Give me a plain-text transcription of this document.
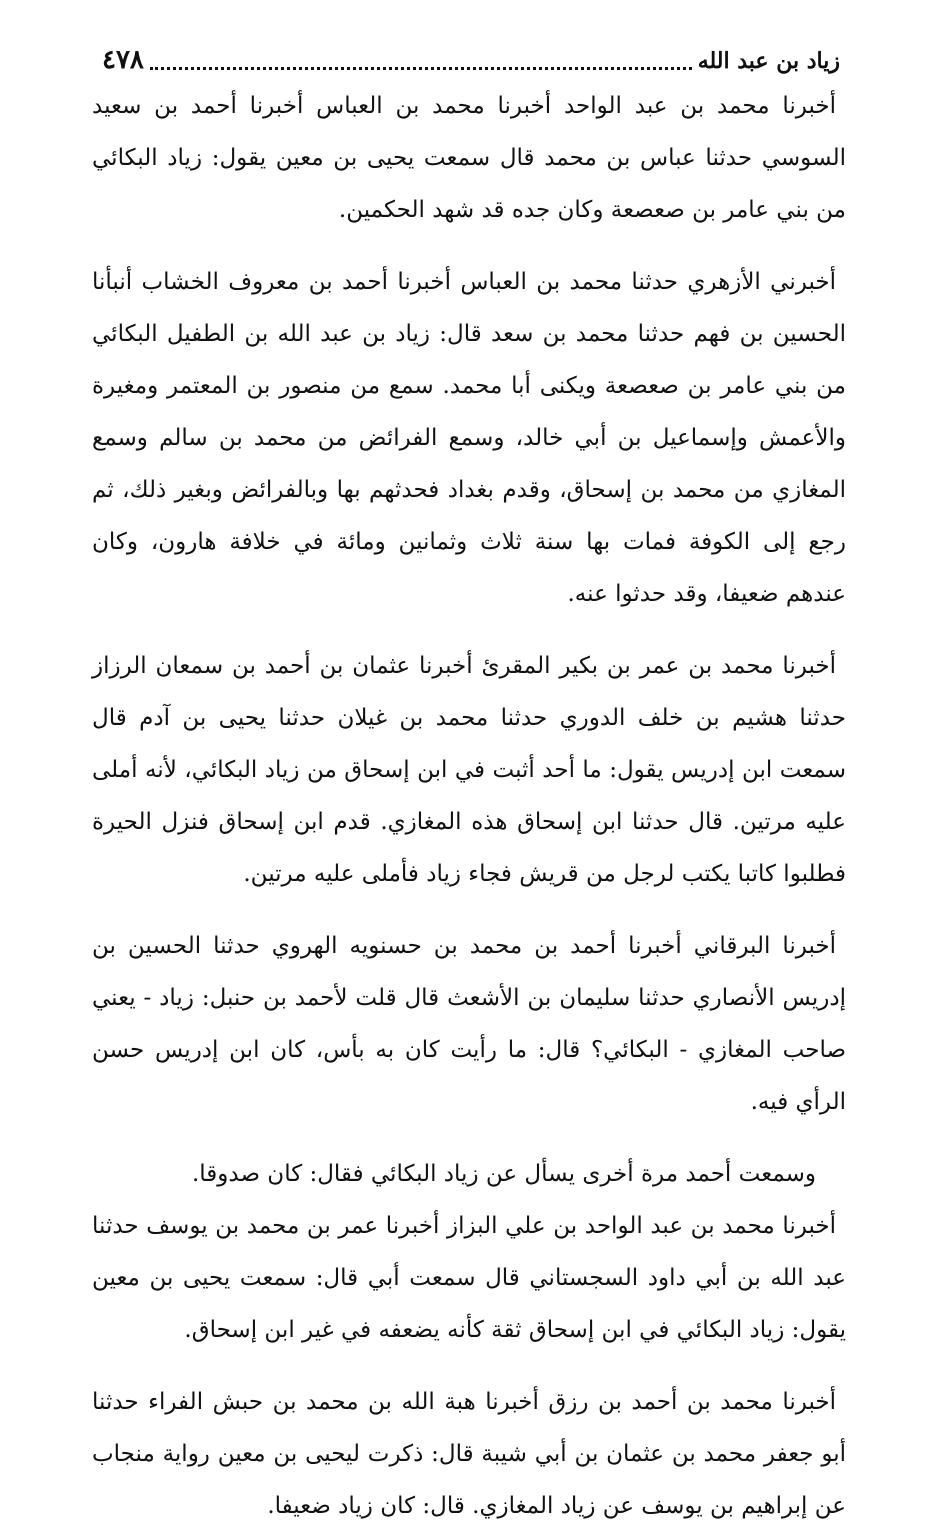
زياد بن عبد الله
٤٧٨

أخبرنا محمد بن عبد الواحد أخبرنا محمد بن العباس أخبرنا أحمد بن سعيد السوسي حدثنا عباس بن محمد قال سمعت يحيى بن معين يقول: زياد البكائي من بني عامر بن صعصعة وكان جده قد شهد الحكمين.

أخبرني الأزهري حدثنا محمد بن العباس أخبرنا أحمد بن معروف الخشاب أنبأنا الحسين بن فهم حدثنا محمد بن سعد قال: زياد بن عبد الله بن الطفيل البكائي من بني عامر بن صعصعة ويكنى أبا محمد. سمع من منصور بن المعتمر ومغيرة والأعمش وإسماعيل بن أبي خالد، وسمع الفرائض من محمد بن سالم وسمع المغازي من محمد بن إسحاق، وقدم بغداد فحدثهم بها وبالفرائض وبغير ذلك، ثم رجع إلى الكوفة فمات بها سنة ثلاث وثمانين ومائة في خلافة هارون، وكان عندهم ضعيفا، وقد حدثوا عنه.

أخبرنا محمد بن عمر بن بكير المقرئ أخبرنا عثمان بن أحمد بن سمعان الرزاز حدثنا هشيم بن خلف الدوري حدثنا محمد بن غيلان حدثنا يحيى بن آدم قال سمعت ابن إدريس يقول: ما أحد أثبت في ابن إسحاق من زياد البكائي، لأنه أملى عليه مرتين. قال حدثنا ابن إسحاق هذه المغازي. قدم ابن إسحاق فنزل الحيرة فطلبوا كاتبا يكتب لرجل من قريش فجاء زياد فأملى عليه مرتين.

أخبرنا البرقاني أخبرنا أحمد بن محمد بن حسنويه الهروي حدثنا الحسين بن إدريس الأنصاري حدثنا سليمان بن الأشعث قال قلت لأحمد بن حنبل: زياد - يعني صاحب المغازي - البكائي؟ قال: ما رأيت كان به بأس، كان ابن إدريس حسن الرأي فيه.

وسمعت أحمد مرة أخرى يسأل عن زياد البكائي فقال: كان صدوقا.

أخبرنا محمد بن عبد الواحد بن علي البزاز أخبرنا عمر بن محمد بن يوسف حدثنا عبد الله بن أبي داود السجستاني قال سمعت أبي قال: سمعت يحيى بن معين يقول: زياد البكائي في ابن إسحاق ثقة كأنه يضعفه في غير ابن إسحاق.

أخبرنا محمد بن أحمد بن رزق أخبرنا هبة الله بن محمد بن حبش الفراء حدثنا أبو جعفر محمد بن عثمان بن أبي شيبة قال: ذكرت ليحيى بن معين رواية منجاب عن إبراهيم بن يوسف عن زياد المغازي. قال: كان زياد ضعيفا.
